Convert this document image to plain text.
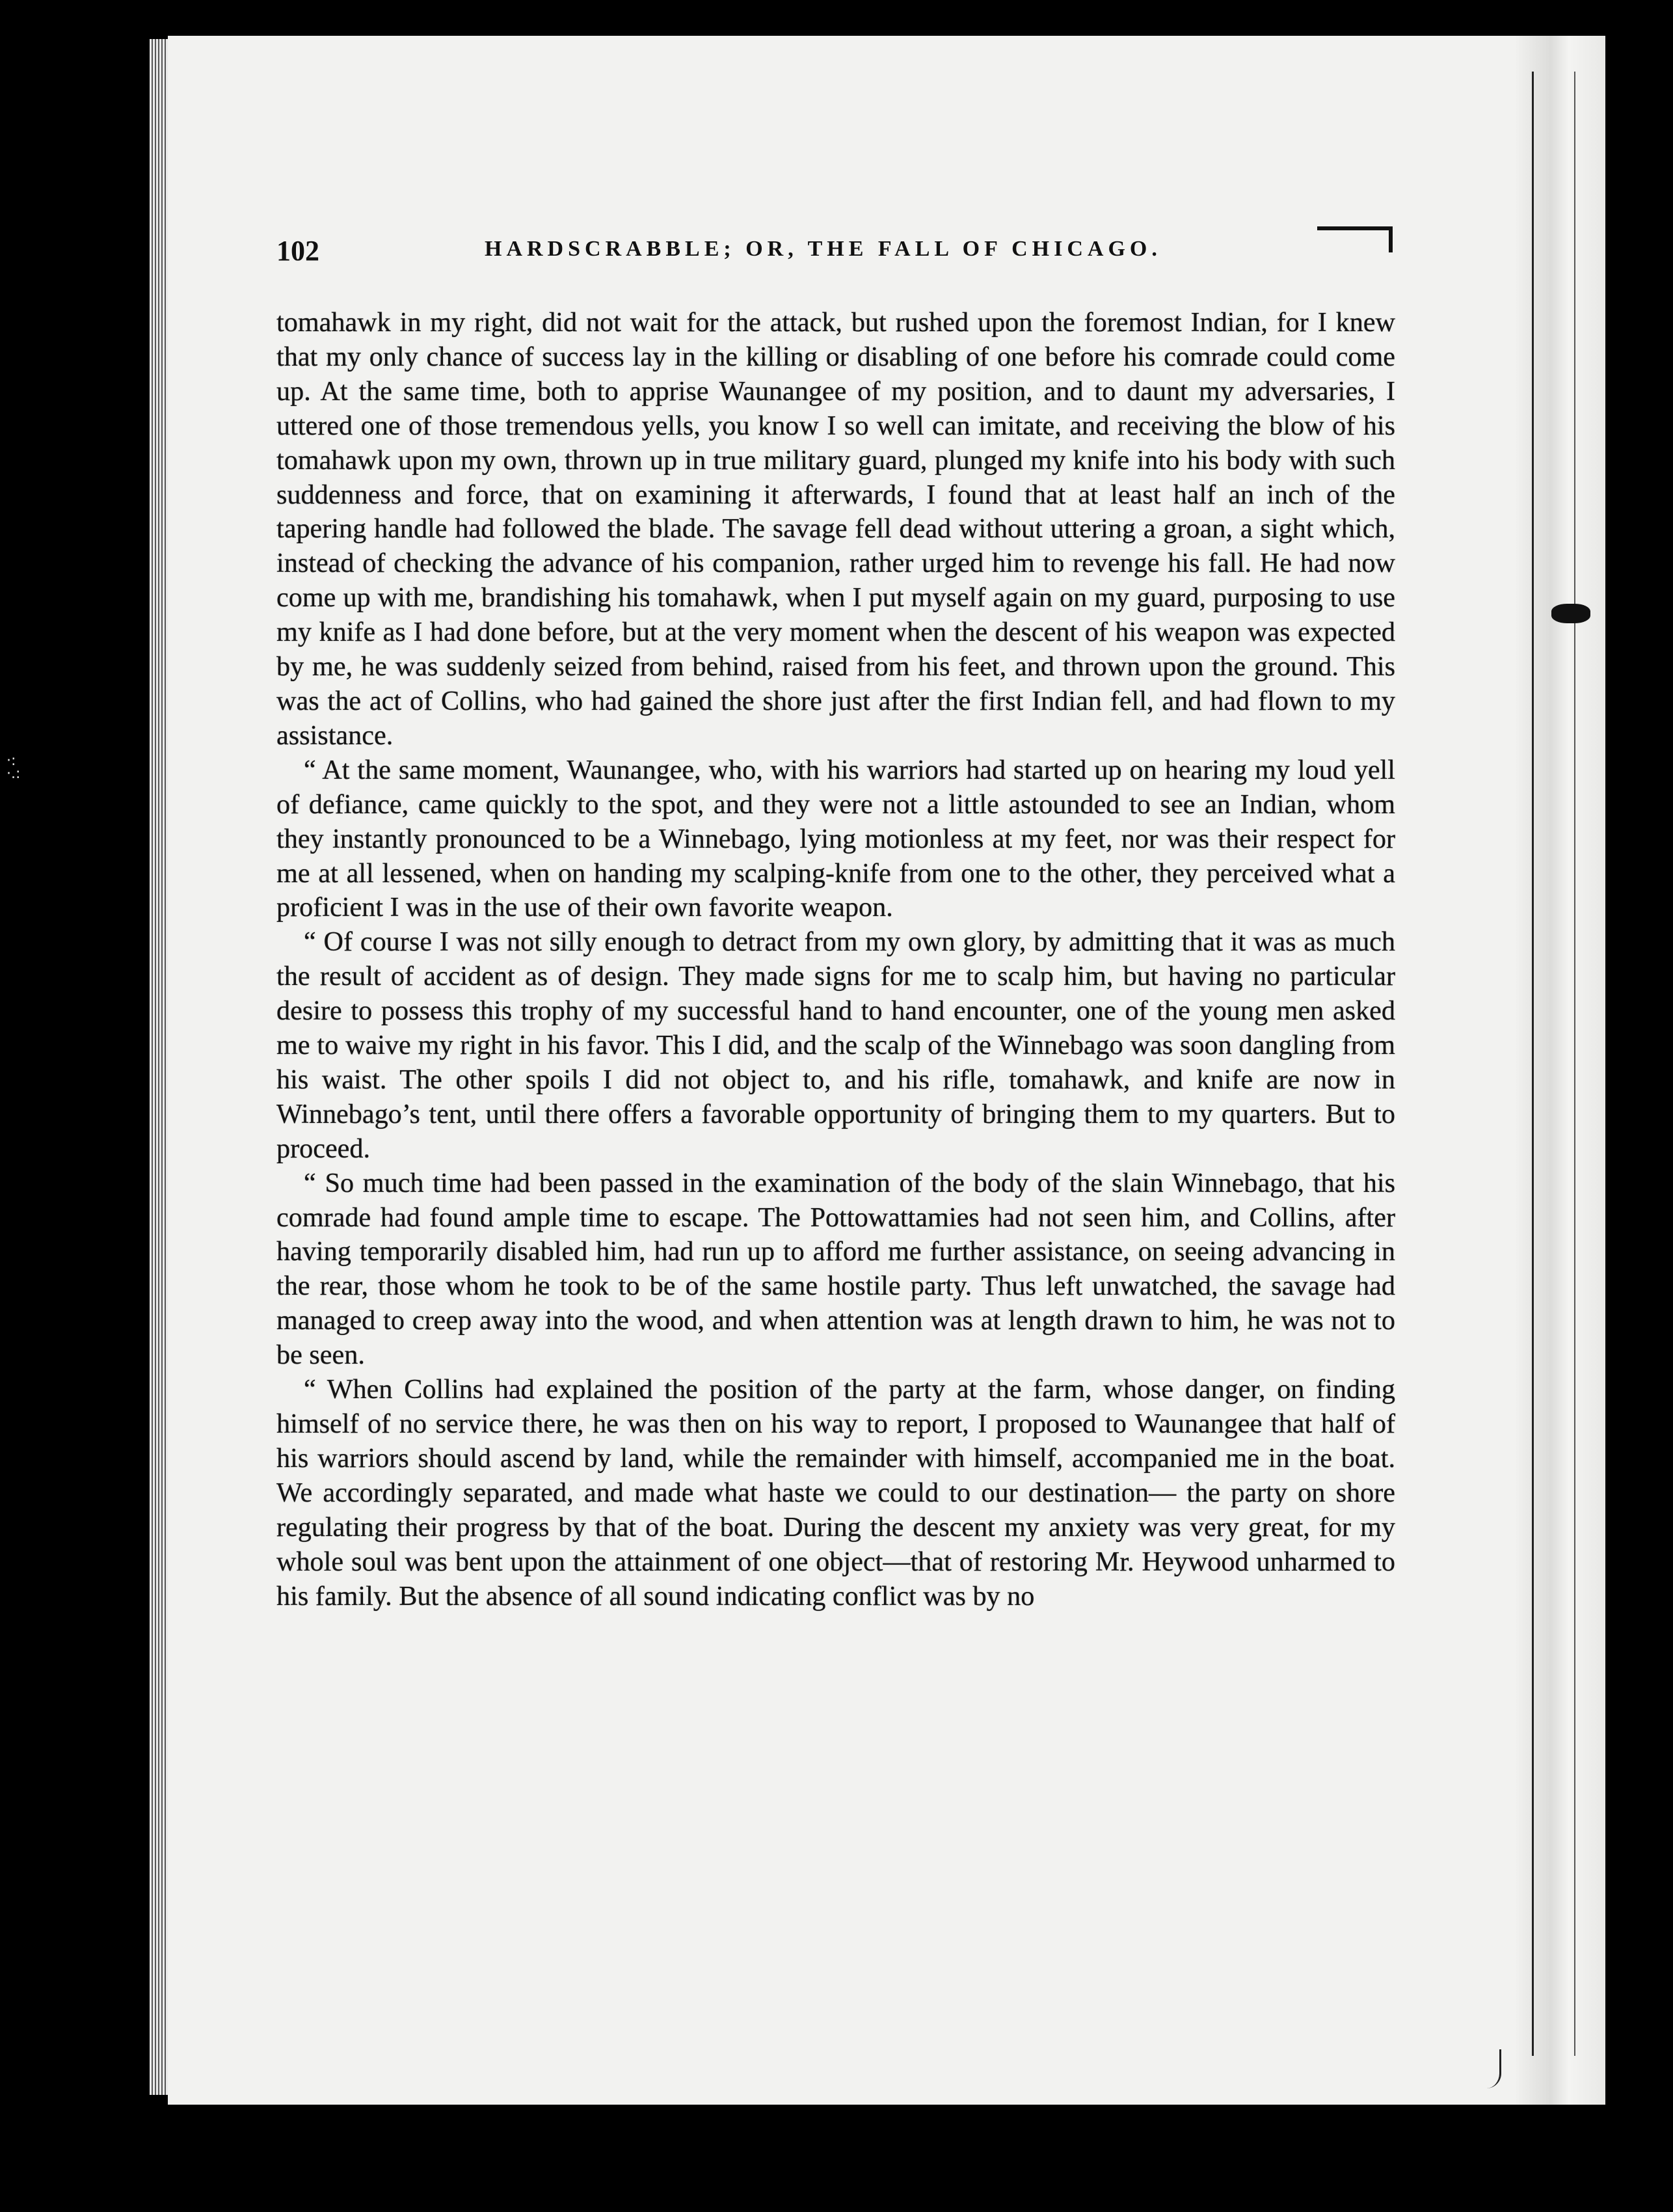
·:
·.:
102	HARDSCRABBLE; OR, THE FALL OF CHICAGO.

tomahawk in my right, did not wait for the attack, but rushed upon the foremost Indian, for I knew that my only chance of success lay in the killing or disabling of one before his comrade could come up. At the same time, both to apprise Waunangee of my position, and to daunt my adversaries, I uttered one of those tremendous yells, you know I so well can imitate, and receiving the blow of his tomahawk upon my own, thrown up in true military guard, plunged my knife into his body with such suddenness and force, that on examining it afterwards, I found that at least half an inch of the tapering handle had followed the blade. The savage fell dead without uttering a groan, a sight which, instead of checking the advance of his companion, rather urged him to revenge his fall. He had now come up with me, brandishing his tomahawk, when I put myself again on my guard, purposing to use my knife as I had done before, but at the very moment when the descent of his weapon was expected by me, he was suddenly seized from behind, raised from his feet, and thrown upon the ground. This was the act of Collins, who had gained the shore just after the first Indian fell, and had flown to my assistance.

“ At the same moment, Waunangee, who, with his warriors had started up on hearing my loud yell of defiance, came quickly to the spot, and they were not a little astounded to see an Indian, whom they instantly pronounced to be a Winnebago, lying motionless at my feet, nor was their respect for me at all lessened, when on handing my scalping-knife from one to the other, they perceived what a proficient I was in the use of their own favorite weapon.

“ Of course I was not silly enough to detract from my own glory, by admitting that it was as much the result of accident as of design. They made signs for me to scalp him, but having no particular desire to possess this trophy of my successful hand to hand encounter, one of the young men asked me to waive my right in his favor. This I did, and the scalp of the Winnebago was soon dangling from his waist. The other spoils I did not object to, and his rifle, tomahawk, and knife are now in Winnebago’s tent, until there offers a favorable opportunity of bringing them to my quarters. But to proceed.

“ So much time had been passed in the examination of the body of the slain Winnebago, that his comrade had found ample time to escape. The Pottowattamies had not seen him, and Collins, after having temporarily disabled him, had run up to afford me further assistance, on seeing advancing in the rear, those whom he took to be of the same hostile party. Thus left unwatched, the savage had managed to creep away into the wood, and when attention was at length drawn to him, he was not to be seen.

“ When Collins had explained the position of the party at the farm, whose danger, on finding himself of no service there, he was then on his way to report, I proposed to Waunangee that half of his warriors should ascend by land, while the remainder with himself, accompanied me in the boat. We accordingly separated, and made what haste we could to our destination— the party on shore regulating their progress by that of the boat. During the descent my anxiety was very great, for my whole soul was bent upon the attainment of one object—that of restoring Mr. Heywood unharmed to his family. But the absence of all sound indicating conflict was by no
